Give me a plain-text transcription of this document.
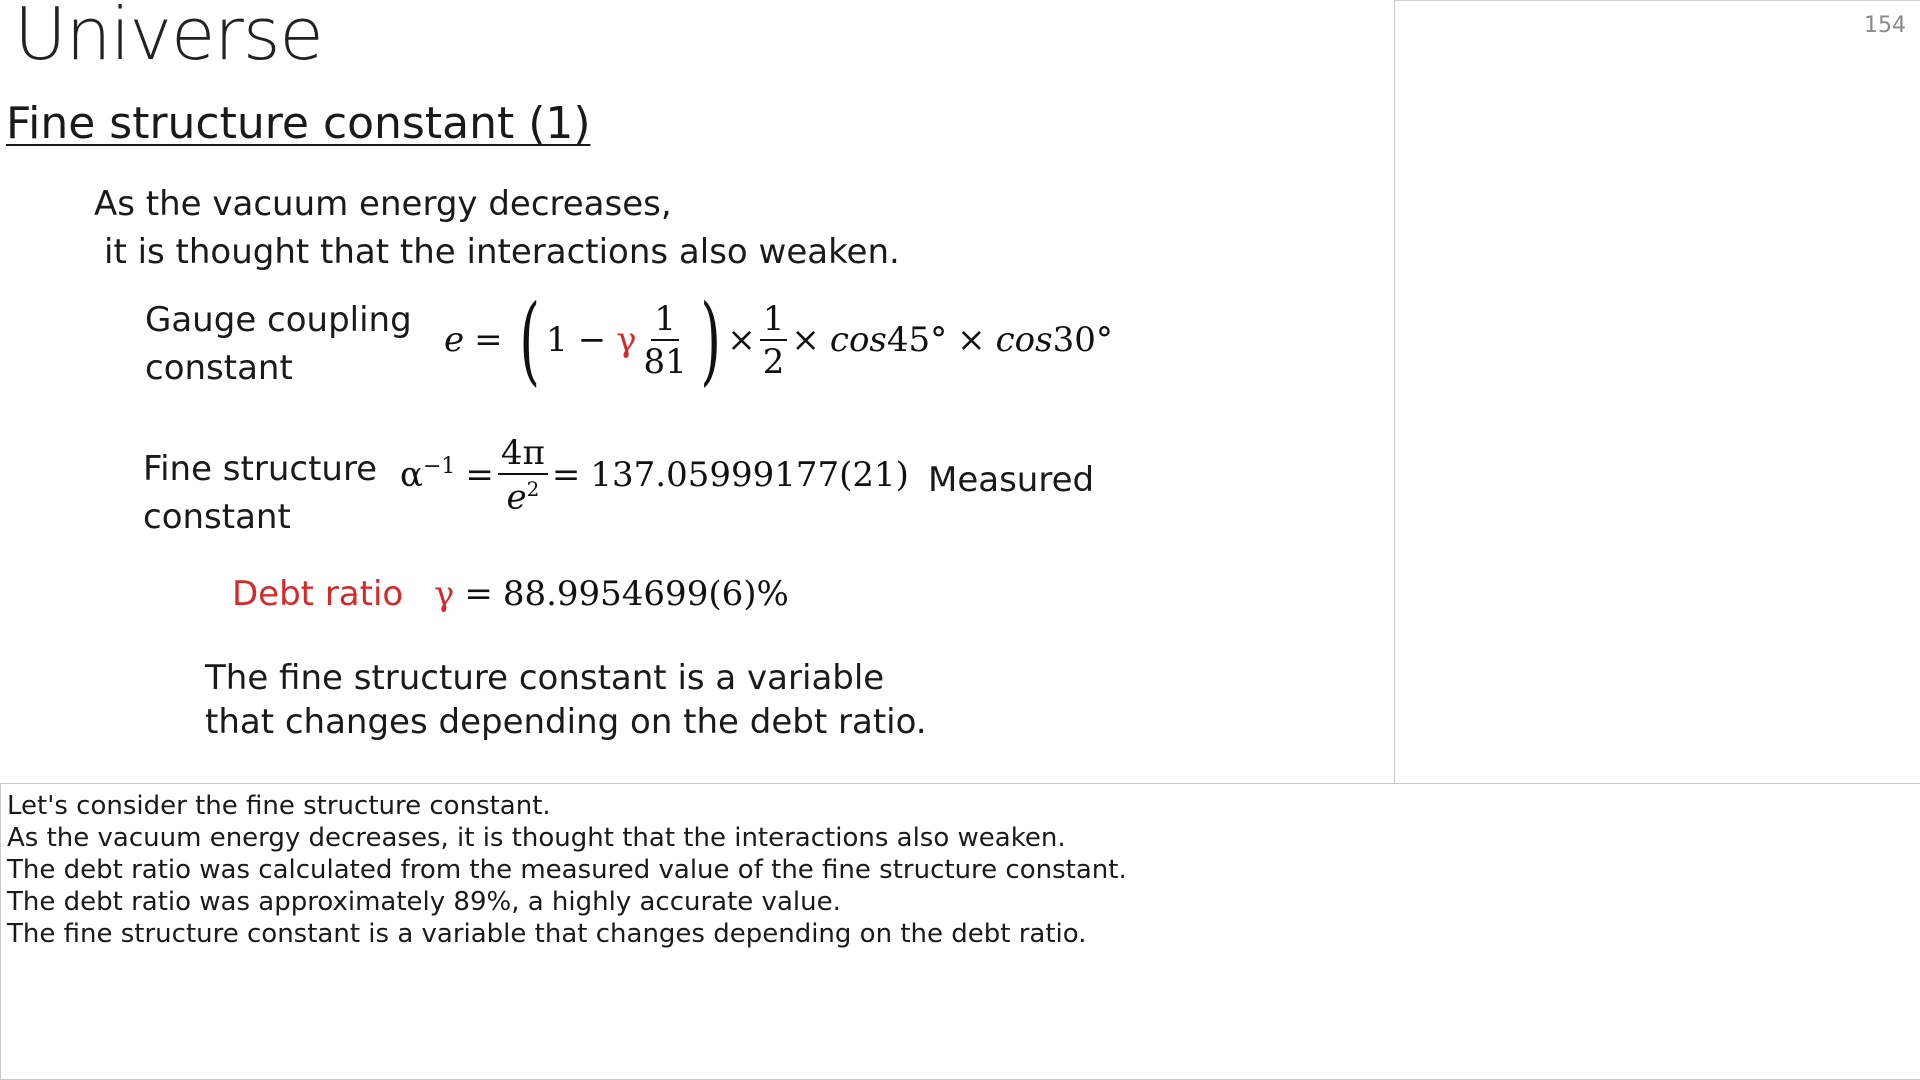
Universe
Fine structure constant (1)
As the vacuum energy decreases,
it is thought that the interactions also weaken.
Gauge coupling
constant
e = ( 1 − γ $\frac{1}{81}$ ) × $\frac{1}{2} \times \cos 45^\circ \times \cos 30^\circ$
Fine structure
constant
$\alpha^{-1} = \frac{4\pi}{e^2} = 137.05999177(21)$ Measured
Debt ratio γ = 88.9954699(6)%
The fine structure constant is a variable
that changes depending on the debt ratio.
154
Let's consider the fine structure constant.
As the vacuum energy decreases, it is thought that the interactions also weaken.
The debt ratio was calculated from the measured value of the fine structure constant.
The debt ratio was approximately 89%, a highly accurate value.
The fine structure constant is a variable that changes depending on the debt ratio.
